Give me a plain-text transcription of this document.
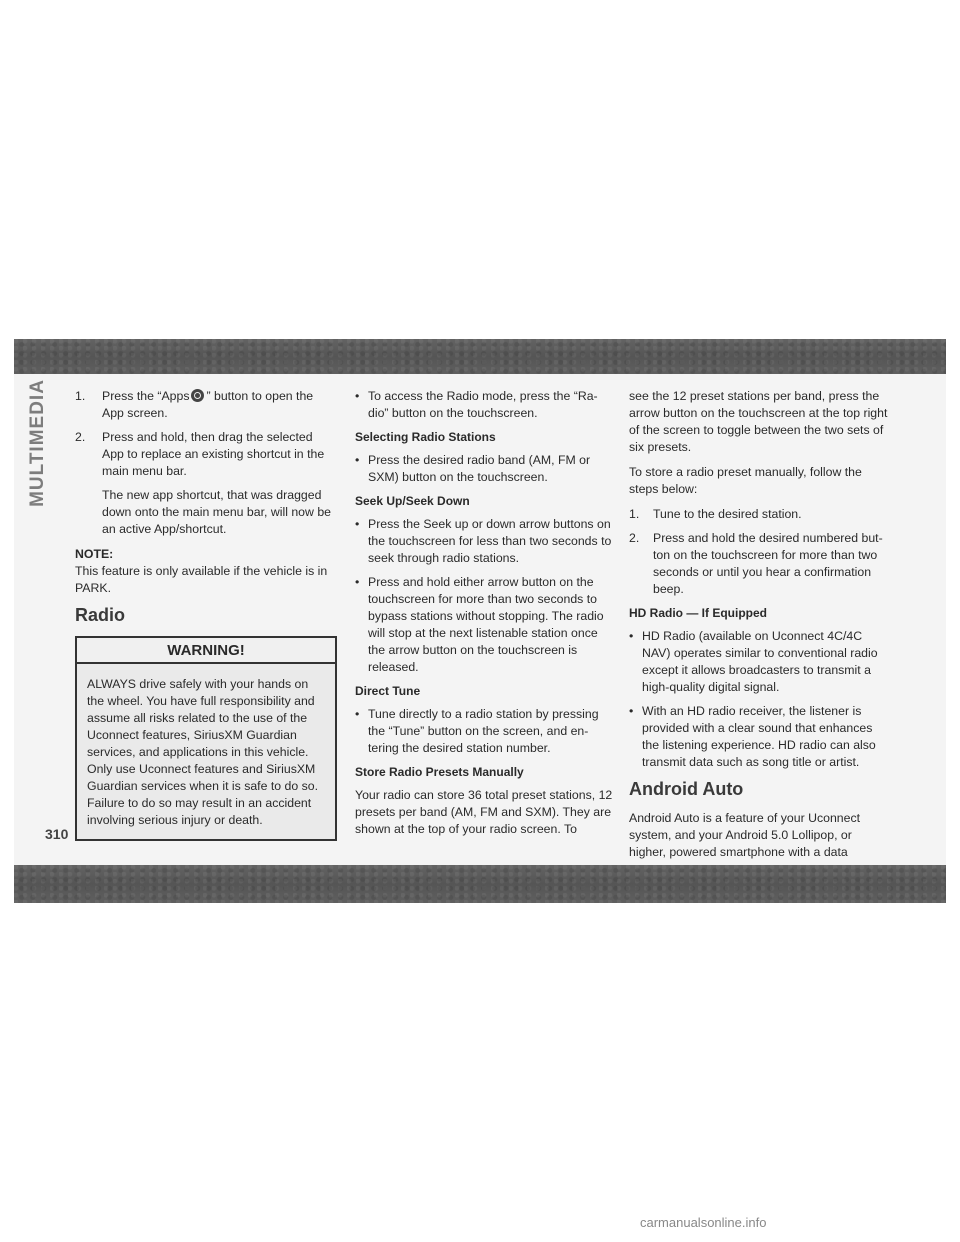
MULTIMEDIA 1. Press the “Apps ” button to open the App screen.
2. Press and hold, then drag the selected App to replace an existing shortcut in the main menu bar.

The new app shortcut, that was dragged down onto the main menu bar, will now be an active App/shortcut.

NOTE:

This feature is only available if the vehicle is in PARK.

Radio
WARNING!
ALWAYS drive safely with your hands on the wheel. You have full responsibility and assume all risks related to the use of the Uconnect features, SiriusXM Guardian services, and applications in this vehicle. Only use Uconnect features and SiriusXM Guardian services when it is safe to do so. Failure to do so may result in an accident involving serious injury or death.
• To access the Radio mode, press the “Ra-dio” button on the touchscreen.

Selecting Radio Stations

• Press the desired radio band (AM, FM or SXM) button on the touchscreen.

Seek Up/Seek Down

• Press the Seek up or down arrow buttons on the touchscreen for less than two seconds to seek through radio stations.
• Press and hold either arrow button on the touchscreen for more than two seconds to bypass stations without stopping. The radio will stop at the next listenable station once the arrow button on the touchscreen is released.

Direct Tune

• Tune directly to a radio station by pressing the “Tune” button on the screen, and en-tering the desired station number.

Store Radio Presets Manually

Your radio can store 36 total preset stations, 12 presets per band (AM, FM and SXM). They are shown at the top of your radio screen. To

see the 12 preset stations per band, press the arrow button on the touchscreen at the top right of the screen to toggle between the two sets of six presets.

To store a radio preset manually, follow the steps below:

1. Tune to the desired station.
2. Press and hold the desired numbered but-ton on the touchscreen for more than two seconds or until you hear a confirmation beep.

HD Radio — If Equipped

• HD Radio (available on Uconnect 4C/4C NAV) operates similar to conventional radio except it allows broadcasters to transmit a high-quality digital signal.
• With an HD radio receiver, the listener is provided with a clear sound that enhances the listening experience. HD radio can also transmit data such as song title or artist.
Android Auto

Android Auto is a feature of your Uconnect system, and your Android 5.0 Lollipop, or higher, powered smartphone with a data

310
carmanualsonline.info
